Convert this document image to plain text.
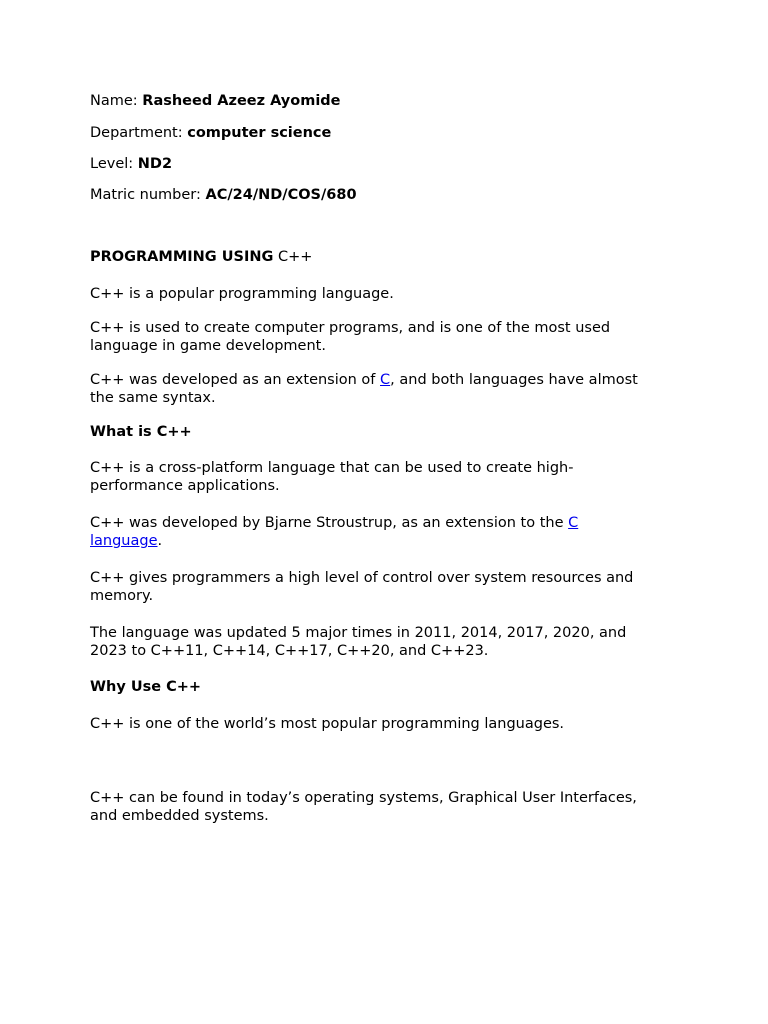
Name: Rasheed Azeez Ayomide

Department: computer science

Level: ND2

Matric number: AC/24/ND/COS/680

PROGRAMMING USING C++

C++ is a popular programming language.

C++ is used to create computer programs, and is one of the most used
language in game development.
C++ was developed as an extension of C, and both languages have almost
the same syntax.

What is C++

C++ is a cross-platform language that can be used to create high-
performance applications.
C++ was developed by Bjarne Stroustrup, as an extension to the C
language.
C++ gives programmers a high level of control over system resources and
memory.
The language was updated 5 major times in 2011, 2014, 2017, 2020, and
2023 to C++11, C++14, C++17, C++20, and C++23.

Why Use C++

C++ is one of the world’s most popular programming languages.

C++ can be found in today’s operating systems, Graphical User Interfaces,
and embedded systems.
